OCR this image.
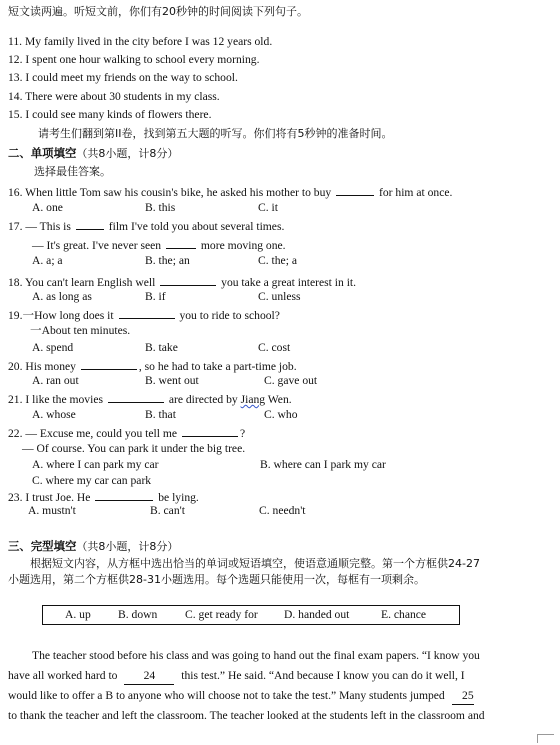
短文读两遍。听短文前，你们有20秒钟的时间阅读下列句子。
11. My family lived in the city before I was 12 years old.
12. I spent one hour walking to school every morning.
13. I could meet my friends on the way to school.
14. There were about 30 students in my class.
15. I could see many kinds of flowers there.
请考生们翻到第II卷，找到第五大题的听写。你们将有5秒钟的准备时间。
二、单项填空（共8小题，计8分）
选择最佳答案。
16. When little Tom saw his cousin's bike, he asked his mother to buy	for him at once.
A. one	B. this	C. it
17. — This is	film I've told you about several times.
— It's great. I've never seen	more moving one.
A. a; a	B. the; an	C. the; a
18. You can't learn English well	you take a great interest in it.
A. as long as	B. if	C. unless
19.一How long does it	you to ride to school?
一About ten minutes.
A. spend	B. take	C. cost
20. His money	, so he had to take a part-time job.
A. ran out	B. went out	C. gave out
21. I like the movies	are directed by Jiang Wen.
A. whose	B. that	C. who
22. — Excuse me, could you tell me	?
— Of course. You can park it under the big tree.
A. where I can park my car	B. where can I park my car
C. where my car can park
23. I trust Joe. He	be lying.
A. mustn't	B. can't	C. needn't
三、完型填空（共8小题，计8分）
根据短文内容，从方框中选出恰当的单词或短语填空，使语意通顺完整。第一个方框供24-27
小题选用，第二个方框供28-31小题选用。每个选题只能使用一次，每框有一项剩余。
A. up B. down C. get ready for D. handed out	E. chance
The teacher stood before his class and was going to hand out the final exam papers. “I know you
have all worked hard to 24 this test.” He said. “And because I know you can do it well, I
would like to offer a B to anyone who will choose not to take the test.” Many students jumped 25
to thank the teacher and left the classroom. The teacher looked at the students left in the classroom and
